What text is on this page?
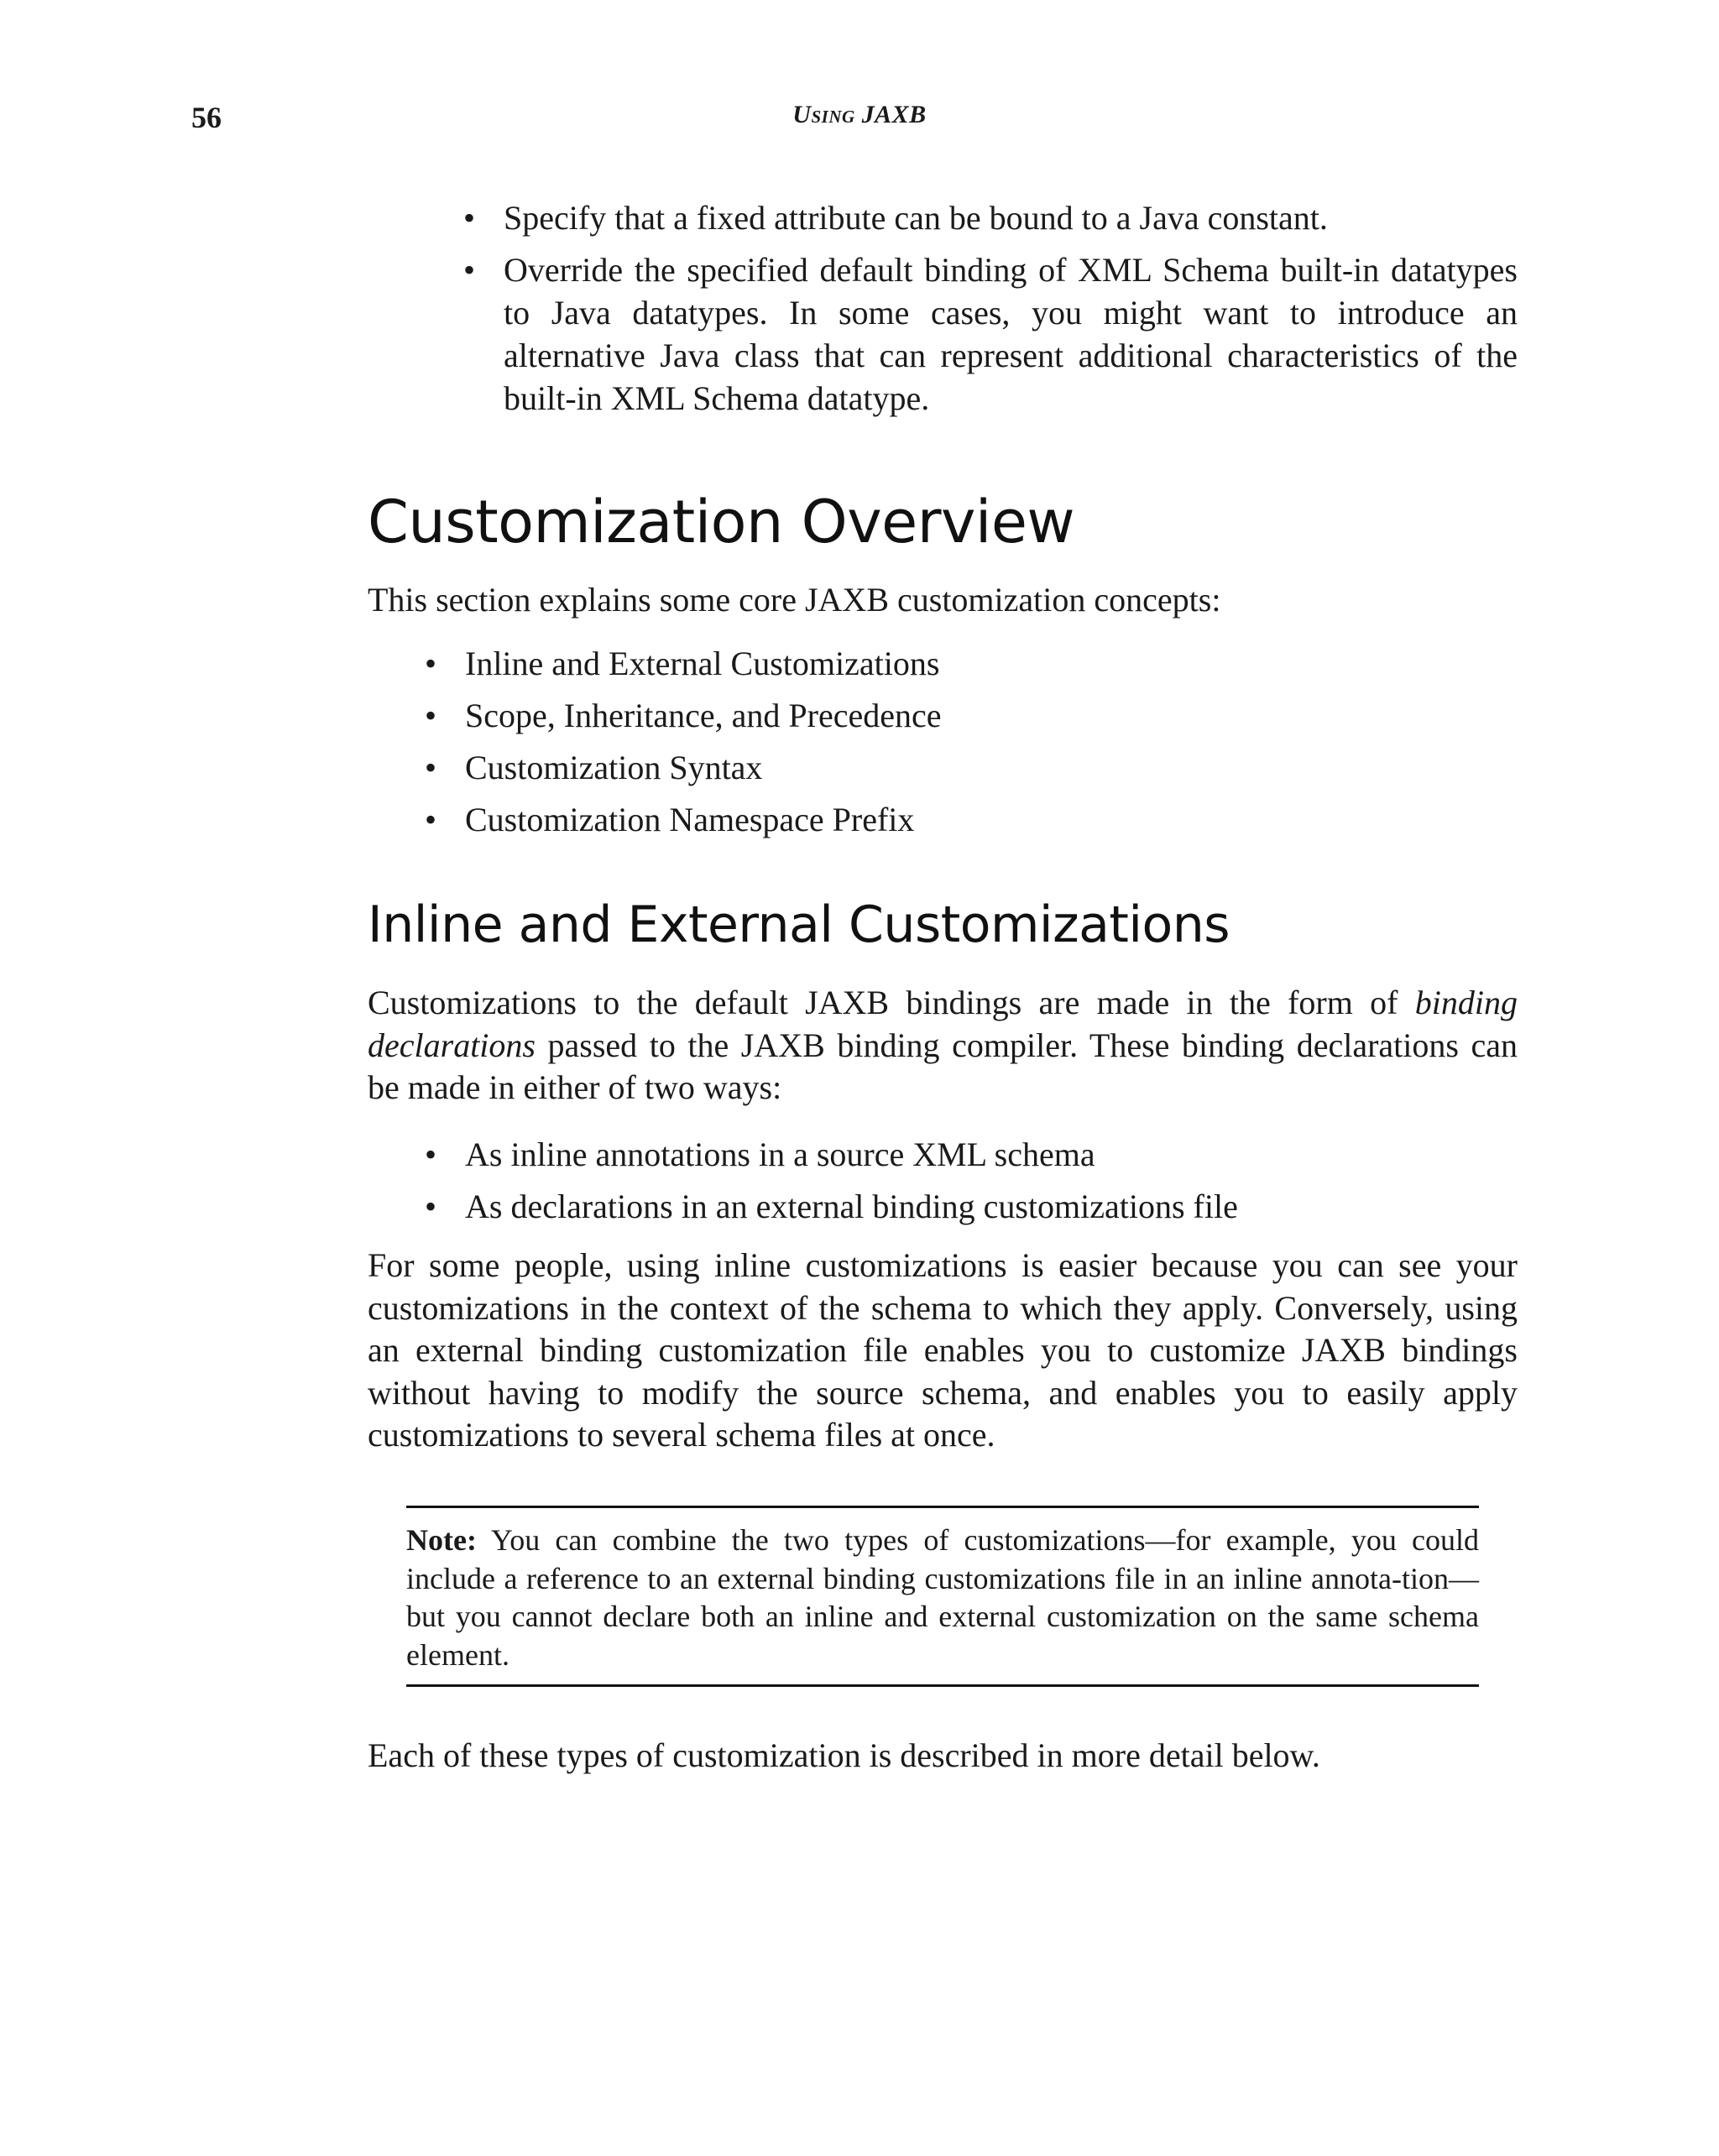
56	Using JAXB
• Specify that a fixed attribute can be bound to a Java constant.
• Override the specified default binding of XML Schema built-in datatypes to Java datatypes. In some cases, you might want to introduce an alternative Java class that can represent additional characteristics of the built-in XML Schema datatype.
Customization Overview

This section explains some core JAXB customization concepts:

• Inline and External Customizations
• Scope, Inheritance, and Precedence
• Customization Syntax
• Customization Namespace Prefix
Inline and External Customizations

Customizations to the default JAXB bindings are made in the form of binding declarations passed to the JAXB binding compiler. These binding declarations can be made in either of two ways:

• As inline annotations in a source XML schema
• As declarations in an external binding customizations file

For some people, using inline customizations is easier because you can see your customizations in the context of the schema to which they apply. Conversely, using an external binding customization file enables you to customize JAXB bindings without having to modify the source schema, and enables you to easily apply customizations to several schema files at once.

Note: You can combine the two types of customizations—for example, you could include a reference to an external binding customizations file in an inline annota-tion—but you cannot declare both an inline and external customization on the same schema element.

Each of these types of customization is described in more detail below.
